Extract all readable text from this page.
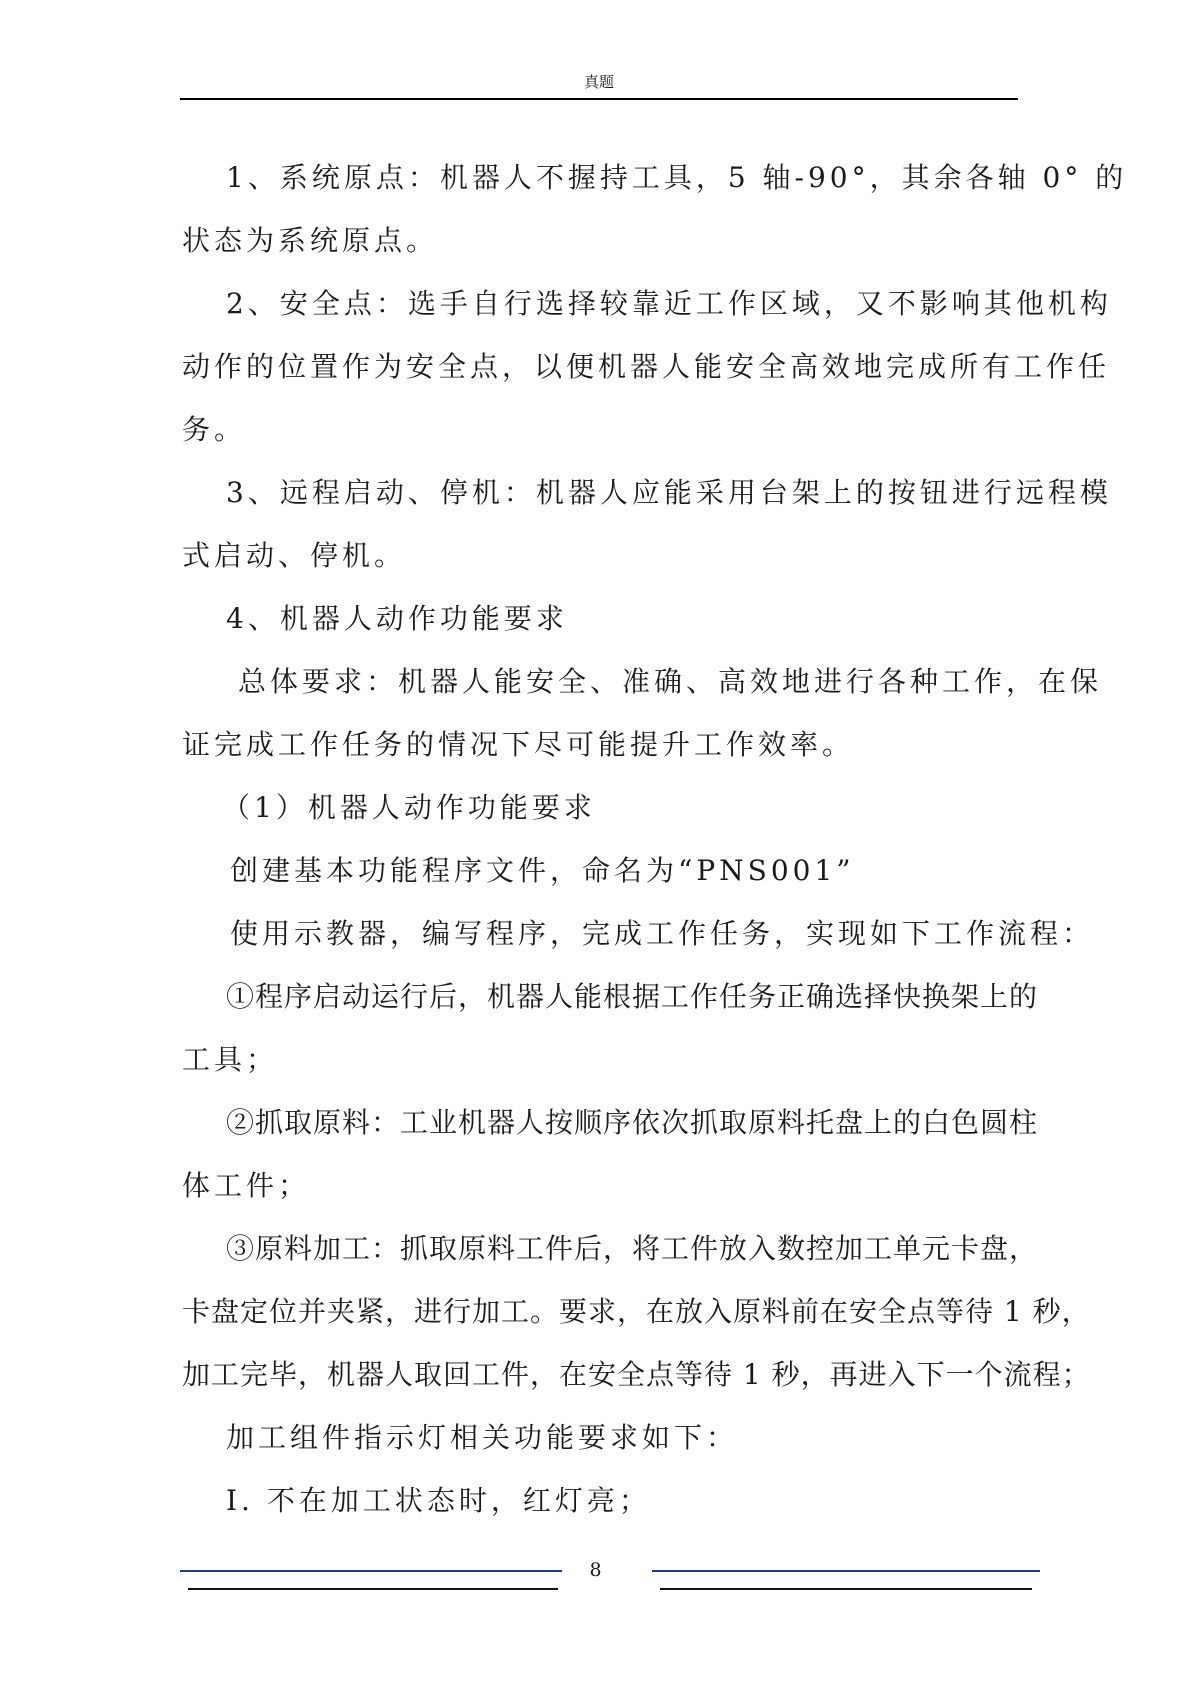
真题

1、系统原点：机器人不握持工具，5 轴-90°，其余各轴 0° 的

状态为系统原点。

2、安全点：选手自行选择较靠近工作区域，又不影响其他机构

动作的位置作为安全点，以便机器人能安全高效地完成所有工作任

务。

3、远程启动、停机：机器人应能采用台架上的按钮进行远程模

式启动、停机。

4、机器人动作功能要求

总体要求：机器人能安全、准确、高效地进行各种工作，在保

证完成工作任务的情况下尽可能提升工作效率。

（1）机器人动作功能要求

创建基本功能程序文件，命名为“PNS001”

使用示教器，编写程序，完成工作任务，实现如下工作流程：

①程序启动运行后，机器人能根据工作任务正确选择快换架上的

工具；

②抓取原料：工业机器人按顺序依次抓取原料托盘上的白色圆柱

体工件；

③原料加工：抓取原料工件后，将工件放入数控加工单元卡盘，

卡盘定位并夹紧，进行加工。要求，在放入原料前在安全点等待 1 秒，

加工完毕，机器人取回工件，在安全点等待 1 秒，再进入下一个流程；

加工组件指示灯相关功能要求如下：

I. 不在加工状态时，红灯亮；

8
